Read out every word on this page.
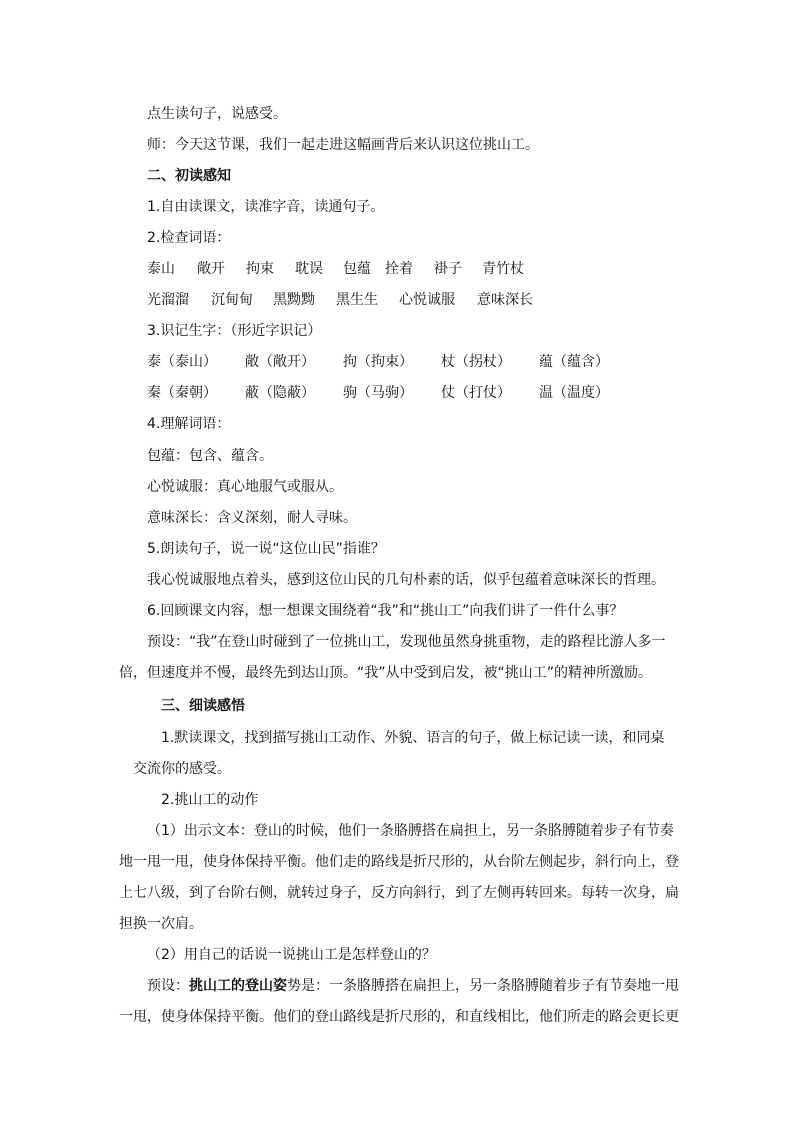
点生读句子，说感受。
师：今天这节课，我们一起走进这幅画背后来认识这位挑山工。
二、初读感知
1.自由读课文，读准字音，读通句子。
2.检查词语：
泰山 敞开 拘束 耽误 包蕴 拴着 褂子 青竹杖
光溜溜 沉甸甸 黑黝黝 黑生生 心悦诚服 意味深长
3.识记生字：（形近字识记）
泰（泰山） 敞（敞开） 拘（拘束） 杖（拐杖） 蕴（蕴含）
秦（秦朝） 蔽（隐蔽） 驹（马驹） 仗（打仗） 温（温度）
4.理解词语：
包蕴：包含、蕴含。
心悦诚服：真心地服气或服从。
意味深长：含义深刻，耐人寻味。
5.朗读句子，说一说“这位山民”指谁？
我心悦诚服地点着头，感到这位山民的几句朴素的话，似乎包蕴着意味深长的哲理。
6.回顾课文内容，想一想课文围绕着“我”和“挑山工”向我们讲了一件什么事？
预设：“我”在登山时碰到了一位挑山工，发现他虽然身挑重物，走的路程比游人多一
倍，但速度并不慢，最终先到达山顶。“我”从中受到启发，被“挑山工”的精神所激励。
三、细读感悟
1.默读课文，找到描写挑山工动作、外貌、语言的句子，做上标记读一读，和同桌
交流你的感受。
2.挑山工的动作
（1）出示文本：登山的时候，他们一条胳膊搭在扁担上，另一条胳膊随着步子有节奏
地一甩一甩，使身体保持平衡。他们走的路线是折尺形的，从台阶左侧起步，斜行向上，登
上七八级，到了台阶右侧，就转过身子，反方向斜行，到了左侧再转回来。每转一次身，扁
担换一次肩。
（2）用自己的话说一说挑山工是怎样登山的？
预设：挑山工的登山姿势是：一条胳膊搭在扁担上，另一条胳膊随着步子有节奏地一甩
一甩，使身体保持平衡。他们的登山路线是折尺形的，和直线相比，他们所走的路会更长更
